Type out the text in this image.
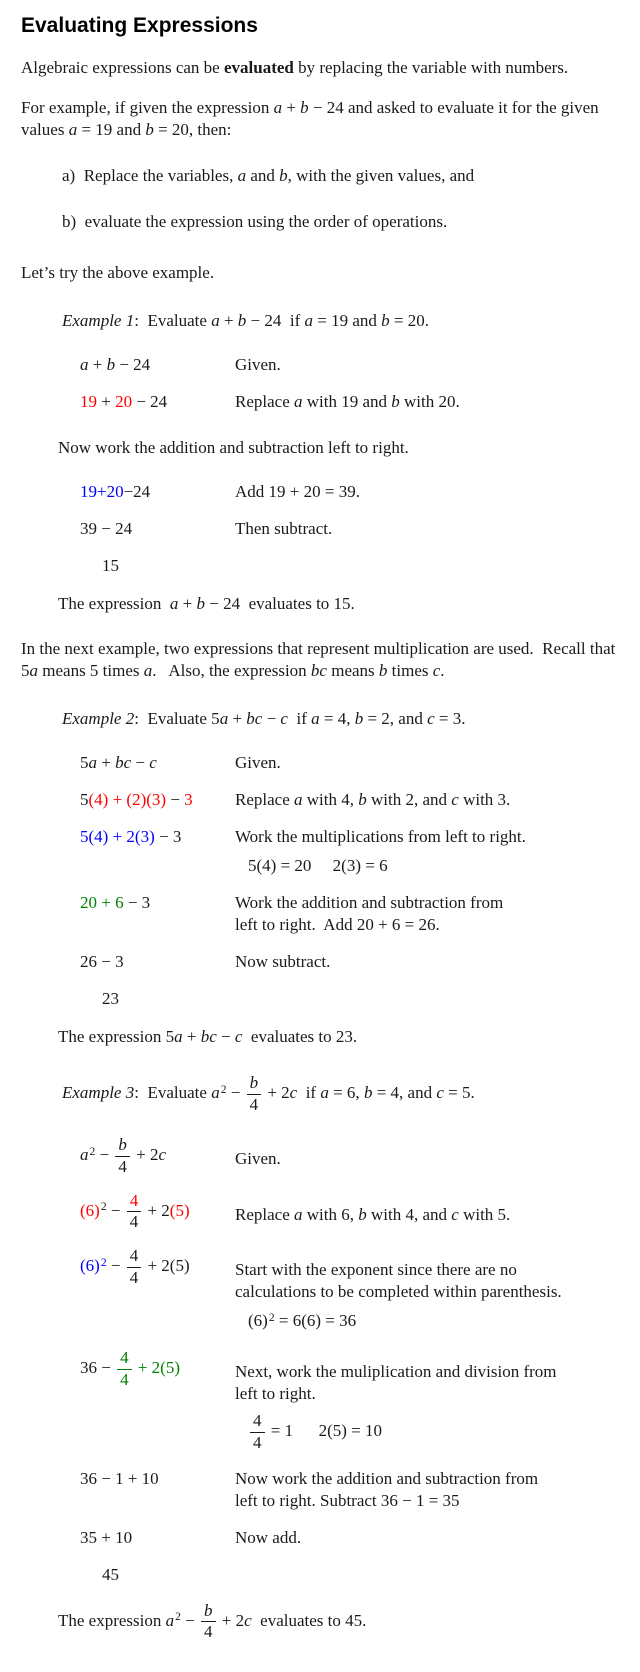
Evaluating Expressions

Algebraic expressions can be evaluated by replacing the variable with numbers.

For example, if given the expression a + b − 24 and asked to evaluate it for the given values a = 19 and b = 20, then:

a)  Replace the variables, a and b, with the given values, and

b)  evaluate the expression using the order of operations.

Let’s try the above example.

Example 1:  Evaluate a + b − 24  if a = 19 and b = 20.

a + b − 24	Given.

19 + 20 − 24	Replace a with 19 and b with 20.

Now work the addition and subtraction left to right.

19+20−24	Add 19 + 20 = 39.

39 − 24	Then subtract.

15

The expression  a + b − 24  evaluates to 15.

In the next example, two expressions that represent multiplication are used.  Recall that 5a means 5 times a.   Also, the expression bc means b times c.

Example 2:  Evaluate 5a + bc − c  if a = 4, b = 2, and c = 3.

5a + bc − c	Given.

5(4) + (2)(3) − 3	Replace a with 4, b with 2, and c with 3.

5(4) + 2(3) − 3	Work the multiplications from left to right.

5(4) = 20     2(3) = 6

20 + 6 − 3	Work the addition and subtraction from
left to right.  Add 20 + 6 = 26.

26 − 3	Now subtract.

23

The expression 5a + bc − c  evaluates to 23.

Example 3:  Evaluate $a^2 - \frac{b}{4} + 2c$  if a = 6, b = 4, and c = 5.

$a^2 - \frac{b}{4} + 2c$	Given.

$(6)^2 - \frac{4}{4} + 2(5)$	Replace a with 6, b with 4, and c with 5.

$(6)^2 - \frac{4}{4} + 2(5)$	Start with the exponent since there are no
calculations to be completed within parenthesis.

$(6)^2 = 6(6) = 36$

$36 - \frac{4}{4} + 2(5)$	Next, work the muliplication and division from
left to right.

$\frac{4}{4} = 1$      2(5) = 10

36 − 1 + 10	Now work the addition and subtraction from
left to right. Subtract 36 − 1 = 35

35 + 10	Now add.

45

The expression $a^2 - \frac{b}{4} + 2c$  evaluates to 45.
